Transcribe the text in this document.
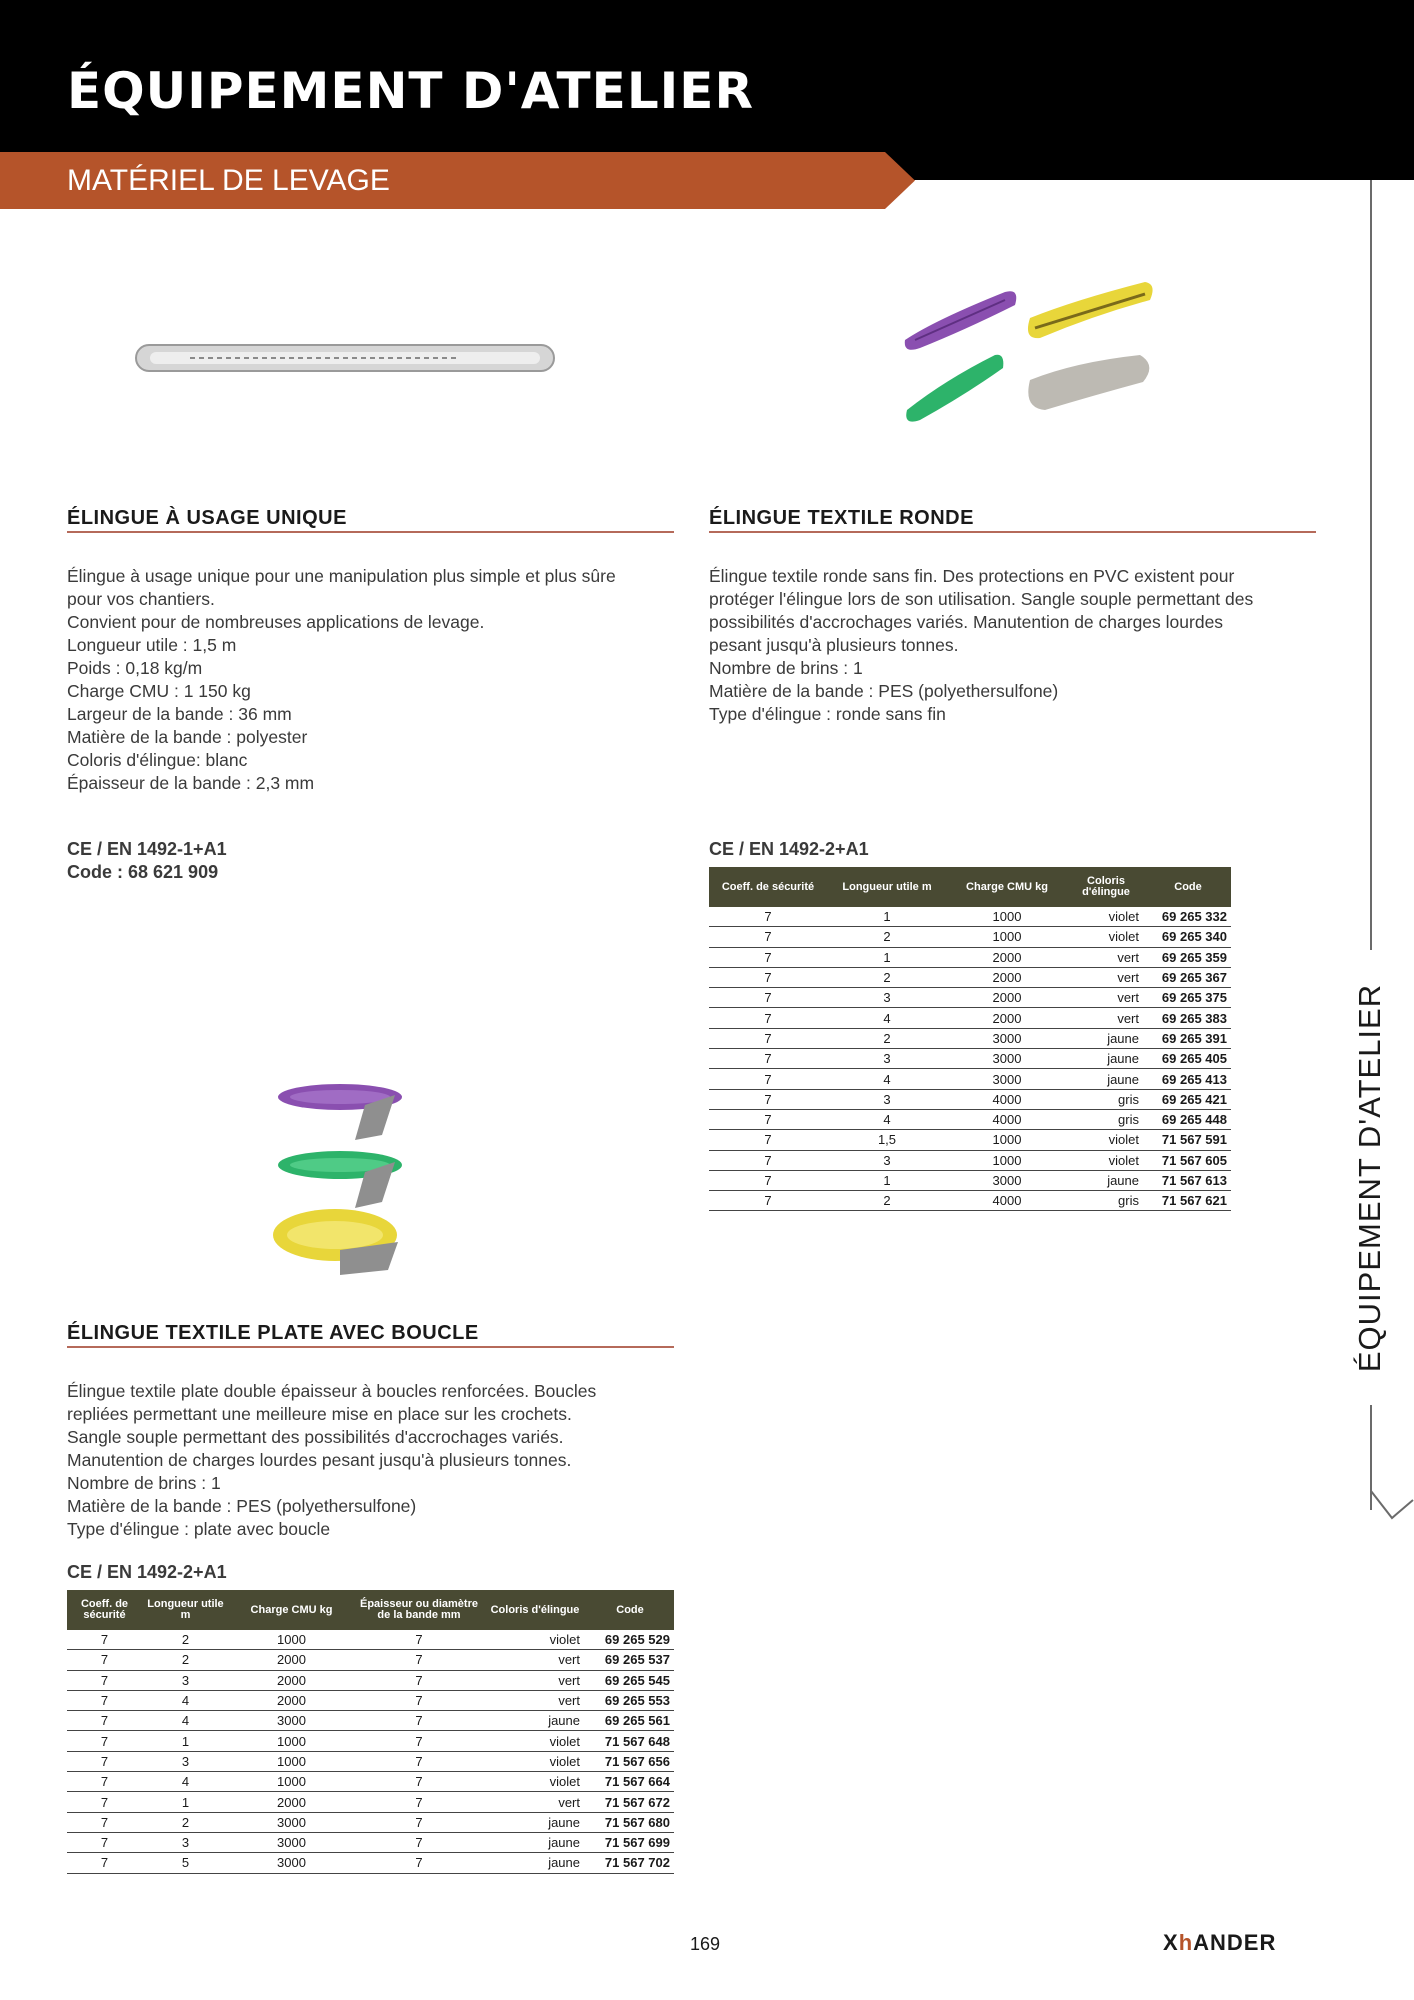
ÉQUIPEMENT D'ATELIER
MATÉRIEL DE LEVAGE
ÉQUIPEMENT D'ATELIER
ÉLINGUE À USAGE UNIQUE
Élingue à usage unique pour une manipulation plus simple et plus sûre
pour vos chantiers.
Convient pour de nombreuses applications de levage.
Longueur utile : 1,5 m
Poids : 0,18 kg/m
Charge CMU : 1 150 kg
Largeur de la bande : 36 mm
Matière de la bande : polyester
Coloris d'élingue: blanc
Épaisseur de la bande : 2,3 mm
CE / EN 1492-1+A1
Code : 68 621 909
ÉLINGUE TEXTILE RONDE
Élingue textile ronde sans fin. Des protections en PVC existent pour
protéger l'élingue lors de son utilisation. Sangle souple permettant des
possibilités d'accrochages variés. Manutention de charges lourdes
pesant jusqu'à plusieurs tonnes.
Nombre de brins : 1
Matière de la bande : PES (polyethersulfone)
Type d'élingue : ronde sans fin
CE / EN 1492-2+A1
Coeff. de sécurité	Longueur utile m	Charge CMU kg	Coloris d'élingue	Code
7	1	1000	violet	69 265 332
7	2	1000	violet	69 265 340
7	1	2000	vert	69 265 359
7	2	2000	vert	69 265 367
7	3	2000	vert	69 265 375
7	4	2000	vert	69 265 383
7	2	3000	jaune	69 265 391
7	3	3000	jaune	69 265 405
7	4	3000	jaune	69 265 413
7	3	4000	gris	69 265 421
7	4	4000	gris	69 265 448
7	1,5	1000	violet	71 567 591
7	3	1000	violet	71 567 605
7	1	3000	jaune	71 567 613
7	2	4000	gris	71 567 621
ÉLINGUE TEXTILE PLATE AVEC BOUCLE
Élingue textile plate double épaisseur à boucles renforcées. Boucles
repliées permettant une meilleure mise en place sur les crochets.
Sangle souple permettant des possibilités d'accrochages variés.
Manutention de charges lourdes pesant jusqu'à plusieurs tonnes.
Nombre de brins : 1
Matière de la bande : PES (polyethersulfone)
Type d'élingue : plate avec boucle
CE / EN 1492-2+A1
Coeff. de sécurité	Longueur utile m	Charge CMU kg	Épaisseur ou diamètre de la bande mm	Coloris d'élingue	Code
7	2	1000	7	violet	69 265 529
7	2	2000	7	vert	69 265 537
7	3	2000	7	vert	69 265 545
7	4	2000	7	vert	69 265 553
7	4	3000	7	jaune	69 265 561
7	1	1000	7	violet	71 567 648
7	3	1000	7	violet	71 567 656
7	4	1000	7	violet	71 567 664
7	1	2000	7	vert	71 567 672
7	2	3000	7	jaune	71 567 680
7	3	3000	7	jaune	71 567 699
7	5	3000	7	jaune	71 567 702
169	XhANDER
